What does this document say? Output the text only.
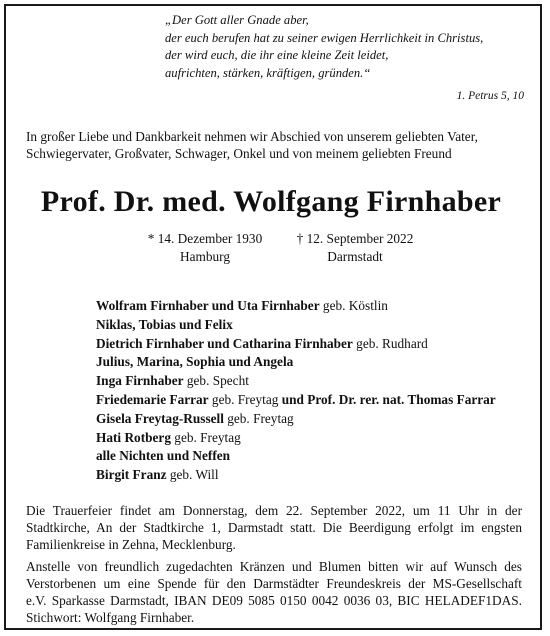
„Der Gott aller Gnade aber,
der euch berufen hat zu seiner ewigen Herrlichkeit in Christus,
der wird euch, die ihr eine kleine Zeit leidet,
aufrichten, stärken, kräftigen, gründen.“
1. Petrus 5, 10
In großer Liebe und Dankbarkeit nehmen wir Abschied von unserem geliebten Vater,
Schwiegervater, Großvater, Schwager, Onkel und von meinem geliebten Freund
Prof. Dr. med. Wolfgang Firnhaber
* 14. Dezember 1930
Hamburg
† 12. September 2022
Darmstadt
Wolfram Firnhaber und Uta Firnhaber geb. Köstlin
Niklas, Tobias und Felix
Dietrich Firnhaber und Catharina Firnhaber geb. Rudhard
Julius, Marina, Sophia und Angela
Inga Firnhaber geb. Specht
Friedemarie Farrar geb. Freytag und Prof. Dr. rer. nat. Thomas Farrar
Gisela Freytag-Russell geb. Freytag
Hati Rotberg geb. Freytag
alle Nichten und Neffen
Birgit Franz geb. Will
Die Trauerfeier findet am Donnerstag, dem 22. September 2022, um 11 Uhr in der
Stadtkirche, An der Stadtkirche 1, Darmstadt statt. Die Beerdigung erfolgt im engsten
Familienkreise in Zehna, Mecklenburg.
Anstelle von freundlich zugedachten Kränzen und Blumen bitten wir auf Wunsch des
Verstorbenen um eine Spende für den Darmstädter Freundeskreis der MS-Gesellschaft
e.V. Sparkasse Darmstadt, IBAN DE09 5085 0150 0042 0036 03, BIC HELADEF1DAS.
Stichwort: Wolfgang Firnhaber.
